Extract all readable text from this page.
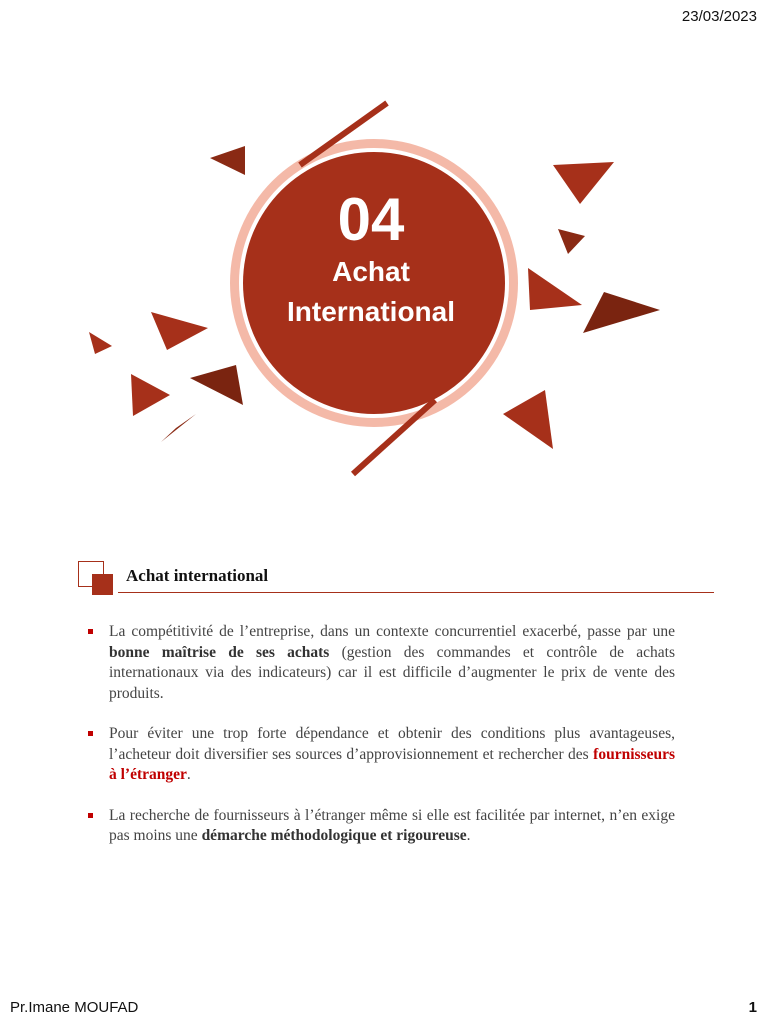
23/03/2023
04
Achat
International
Achat international
La compétitivité de l’entreprise, dans un contexte concurrentiel exacerbé, passe par une bonne maîtrise de ses achats (gestion des commandes et contrôle de achats internationaux via des indicateurs) car il est difficile d’augmenter le prix de vente des produits.
Pour éviter une trop forte dépendance et obtenir des conditions plus avantageuses, l’acheteur doit diversifier ses sources d’approvisionnement et rechercher des fournisseurs à l’étranger.
La recherche de fournisseurs à l’étranger même si elle est facilitée par internet, n’en exige pas moins une démarche méthodologique et rigoureuse.
Pr.Imane MOUFAD	1
